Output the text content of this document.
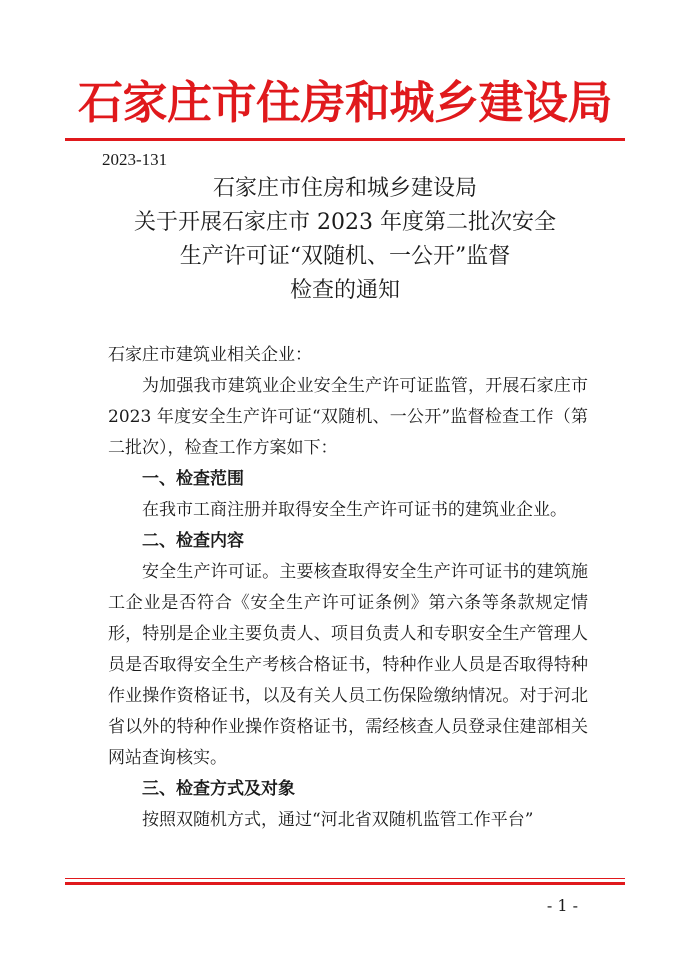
石家庄市住房和城乡建设局
2023-131
石家庄市住房和城乡建设局
关于开展石家庄市 2023 年度第二批次安全
生产许可证“双随机、一公开”监督
检查的通知

石家庄市建筑业相关企业：

为加强我市建筑业企业安全生产许可证监管，开展石家庄市 2023 年度安全生产许可证“双随机、一公开”监督检查工作（第二批次），检查工作方案如下：

一、检查范围

在我市工商注册并取得安全生产许可证书的建筑业企业。

二、检查内容

安全生产许可证。主要核查取得安全生产许可证书的建筑施工企业是否符合《安全生产许可证条例》第六条等条款规定情形，特别是企业主要负责人、项目负责人和专职安全生产管理人员是否取得安全生产考核合格证书，特种作业人员是否取得特种作业操作资格证书，以及有关人员工伤保险缴纳情况。对于河北省以外的特种作业操作资格证书，需经核查人员登录住建部相关网站查询核实。

三、检查方式及对象

按照双随机方式，通过“河北省双随机监管工作平台”

- 1 -
